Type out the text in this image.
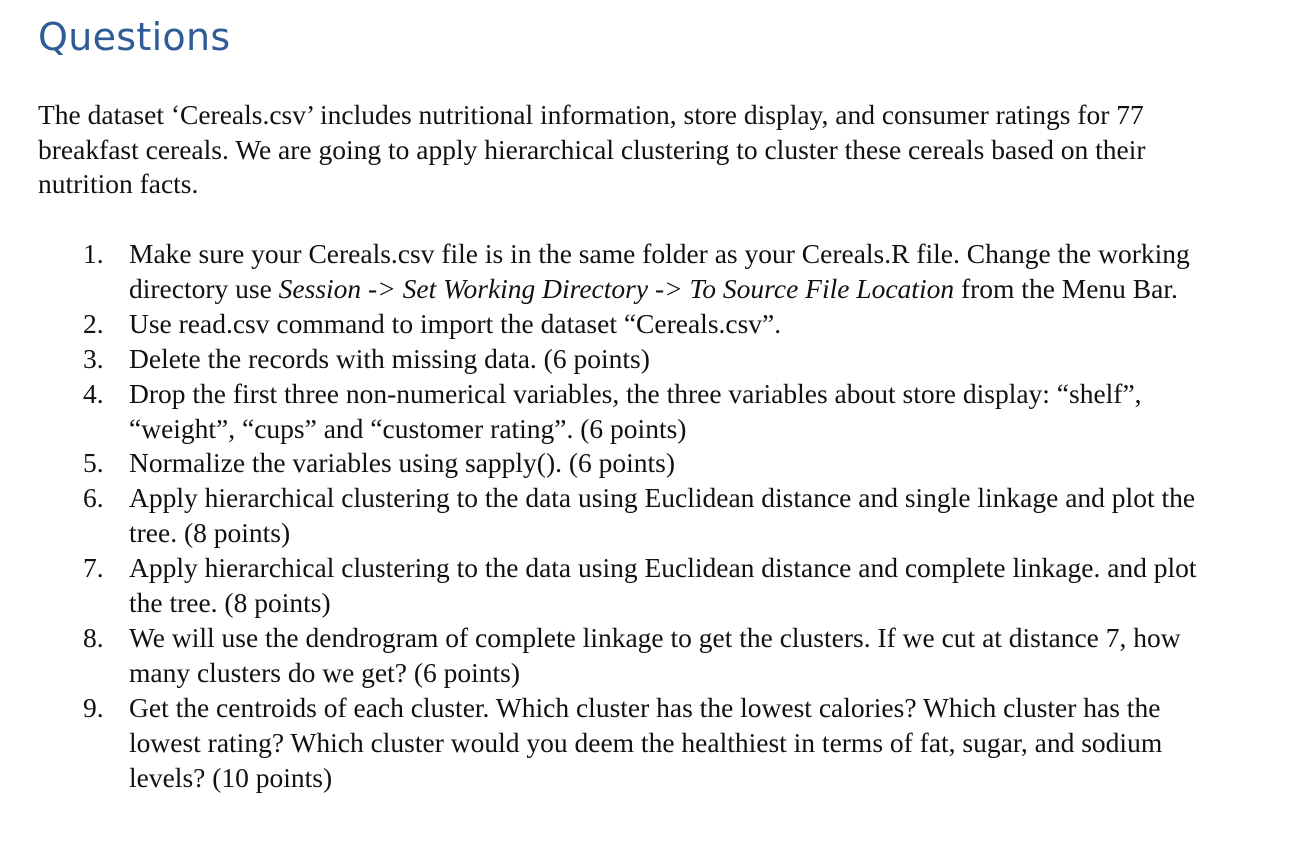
Questions

The dataset ‘Cereals.csv’ includes nutritional information, store display, and consumer ratings for 77 breakfast cereals. We are going to apply hierarchical clustering to cluster these cereals based on their nutrition facts.

1. Make sure your Cereals.csv file is in the same folder as your Cereals.R file. Change the working directory use Session -> Set Working Directory -> To Source File Location from the Menu Bar.
2. Use read.csv command to import the dataset “Cereals.csv”.
3. Delete the records with missing data. (6 points)
4. Drop the first three non-numerical variables, the three variables about store display: “shelf”, “weight”, “cups” and “customer rating”. (6 points)
5. Normalize the variables using sapply(). (6 points)
6. Apply hierarchical clustering to the data using Euclidean distance and single linkage and plot the tree. (8 points)
7. Apply hierarchical clustering to the data using Euclidean distance and complete linkage. and plot the tree. (8 points)
8. We will use the dendrogram of complete linkage to get the clusters. If we cut at distance 7, how many clusters do we get? (6 points)
9. Get the centroids of each cluster. Which cluster has the lowest calories? Which cluster has the lowest rating? Which cluster would you deem the healthiest in terms of fat, sugar, and sodium levels? (10 points)
